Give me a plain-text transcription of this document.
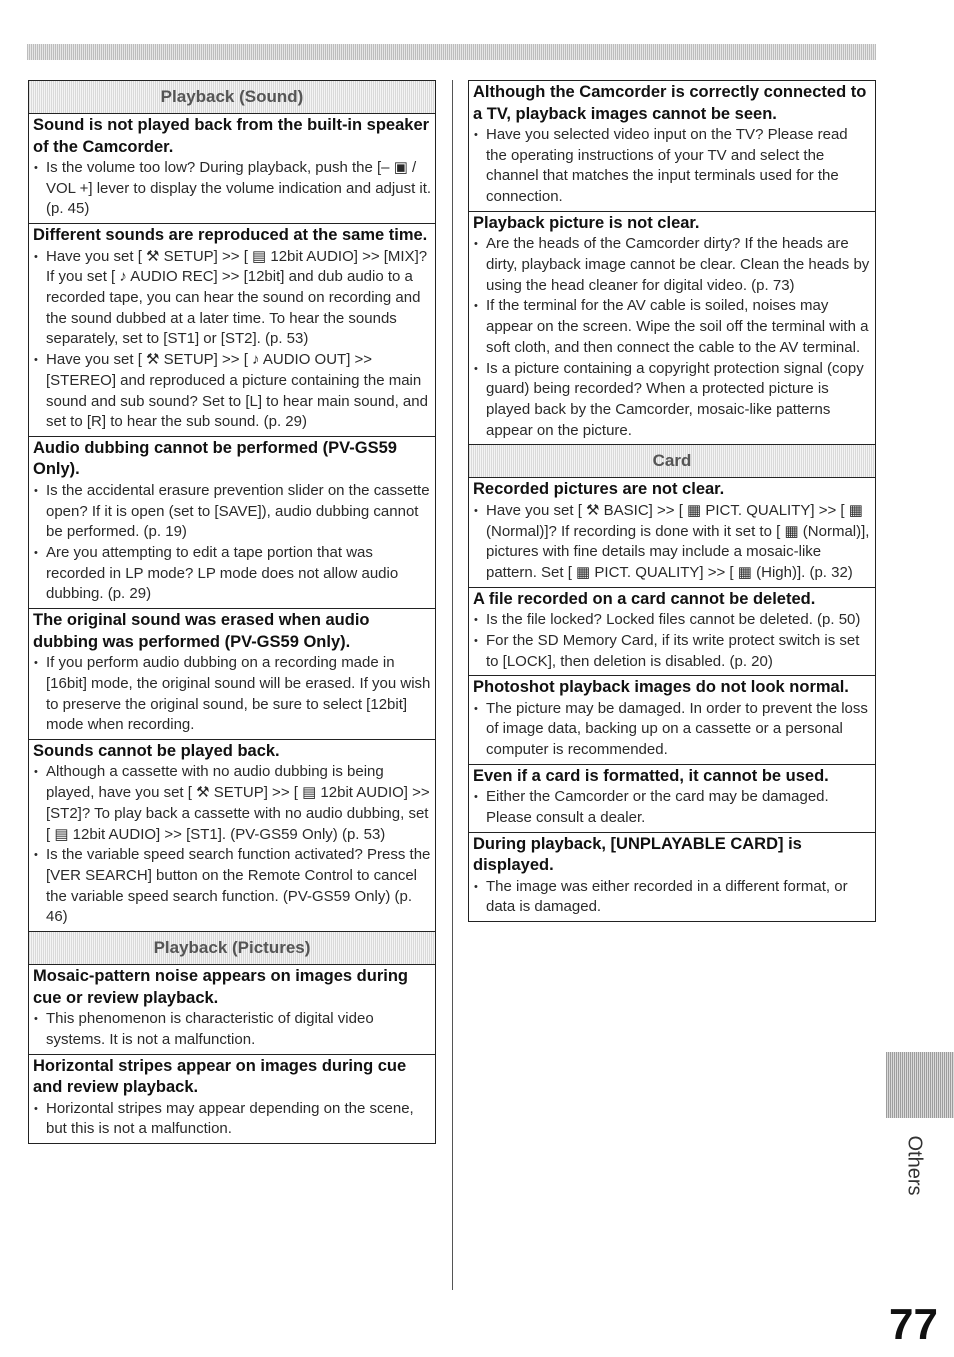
Playback (Sound)

Sound is not played back from the built-in speaker of the Camcorder.

• Is the volume too low? During playback, push the [– ▣ / VOL +] lever to display the volume indication and adjust it. (p. 45)

Different sounds are reproduced at the same time.

• Have you set [ ⚒ SETUP] >> [ ▤ 12bit AUDIO] >> [MIX]? If you set [ ♪ AUDIO REC] >> [12bit] and dub audio to a recorded tape, you can hear the sound on recording and the sound dubbed at a later time. To hear the sounds separately, set to [ST1] or [ST2]. (p. 53)
• Have you set [ ⚒ SETUP] >> [ ♪ AUDIO OUT] >> [STEREO] and reproduced a picture containing the main sound and sub sound? Set to [L] to hear main sound, and set to [R] to hear the sub sound. (p. 29)

Audio dubbing cannot be performed (PV-GS59 Only).

• Is the accidental erasure prevention slider on the cassette open? If it is open (set to [SAVE]), audio dubbing cannot be performed. (p. 19)
• Are you attempting to edit a tape portion that was recorded in LP mode? LP mode does not allow audio dubbing. (p. 29)

The original sound was erased when audio dubbing was performed (PV-GS59 Only).

• If you perform audio dubbing on a recording made in [16bit] mode, the original sound will be erased. If you wish to preserve the original sound, be sure to select [12bit] mode when recording.

Sounds cannot be played back.

• Although a cassette with no audio dubbing is being played, have you set [ ⚒ SETUP] >> [ ▤ 12bit AUDIO] >> [ST2]? To play back a cassette with no audio dubbing, set [ ▤ 12bit AUDIO] >> [ST1]. (PV-GS59 Only) (p. 53)
• Is the variable speed search function activated? Press the [VER SEARCH] button on the Remote Control to cancel the variable speed search function. (PV-GS59 Only) (p. 46)
Playback (Pictures)

Mosaic-pattern noise appears on images during cue or review playback.

• This phenomenon is characteristic of digital video systems. It is not a malfunction.

Horizontal stripes appear on images during cue and review playback.

• Horizontal stripes may appear depending on the scene, but this is not a malfunction.

Although the Camcorder is correctly connected to a TV, playback images cannot be seen.

• Have you selected video input on the TV? Please read the operating instructions of your TV and select the channel that matches the input terminals used for the connection.

Playback picture is not clear.

• Are the heads of the Camcorder dirty? If the heads are dirty, playback image cannot be clear. Clean the heads by using the head cleaner for digital video. (p. 73)
• If the terminal for the AV cable is soiled, noises may appear on the screen. Wipe the soil off the terminal with a soft cloth, and then connect the cable to the AV terminal.
• Is a picture containing a copyright protection signal (copy guard) being recorded? When a protected picture is played back by the Camcorder, mosaic-like patterns appear on the picture.
Card

Recorded pictures are not clear.

• Have you set [ ⚒ BASIC] >> [ ▦ PICT. QUALITY] >> [ ▦ (Normal)]? If recording is done with it set to [ ▦ (Normal)], pictures with fine details may include a mosaic-like pattern. Set [ ▦ PICT. QUALITY] >> [ ▦ (High)]. (p. 32)

A file recorded on a card cannot be deleted.

• Is the file locked? Locked files cannot be deleted. (p. 50)
• For the SD Memory Card, if its write protect switch is set to [LOCK], then deletion is disabled. (p. 20)

Photoshot playback images do not look normal.

• The picture may be damaged. In order to prevent the loss of image data, backing up on a cassette or a personal computer is recommended.

Even if a card is formatted, it cannot be used.

• Either the Camcorder or the card may be damaged. Please consult a dealer.

During playback, [UNPLAYABLE CARD] is displayed.

• The image was either recorded in a different format, or data is damaged.
Others
77
